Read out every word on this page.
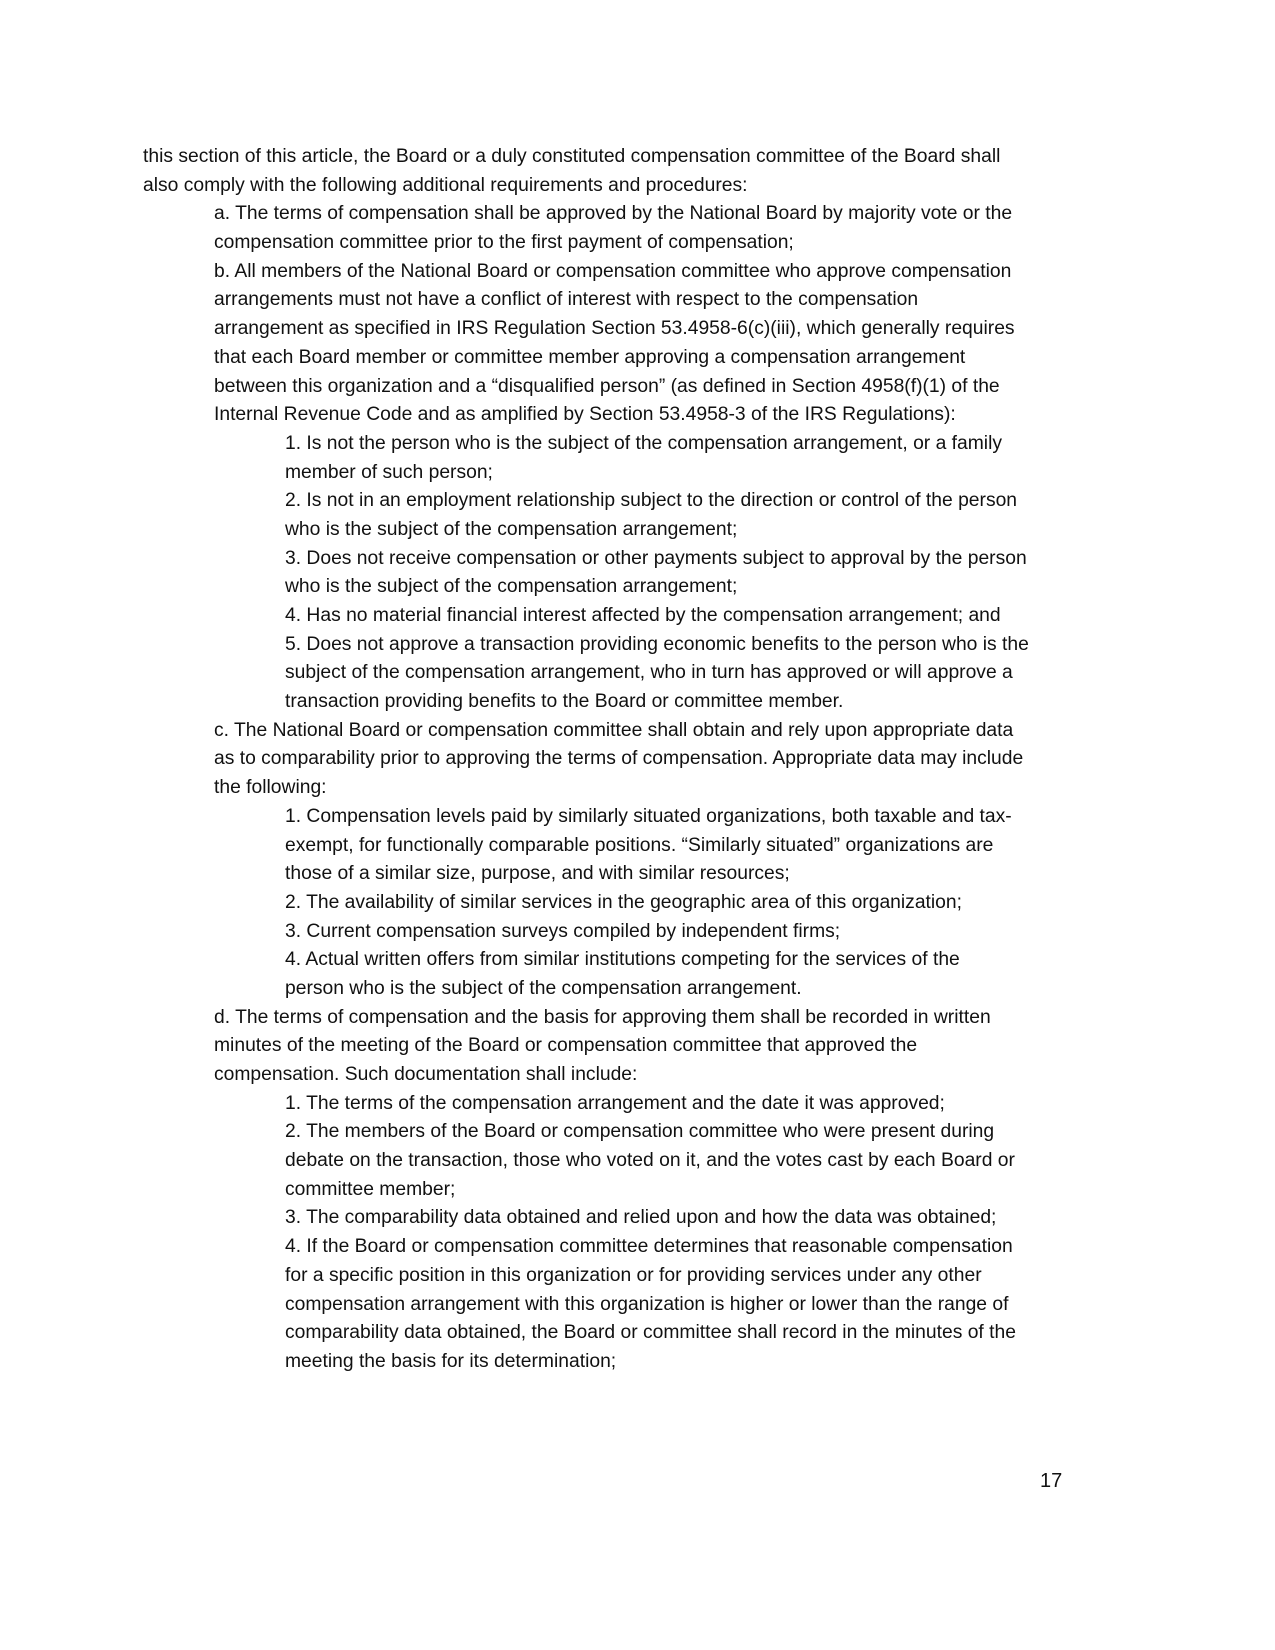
this section of this article, the Board or a duly constituted compensation committee of the Board shall
also comply with the following additional requirements and procedures:
a. The terms of compensation shall be approved by the National Board by majority vote or the
compensation committee prior to the first payment of compensation;
b. All members of the National Board or compensation committee who approve compensation
arrangements must not have a conflict of interest with respect to the compensation
arrangement as specified in IRS Regulation Section 53.4958-6(c)(iii), which generally requires
that each Board member or committee member approving a compensation arrangement
between this organization and a “disqualified person” (as defined in Section 4958(f)(1) of the
Internal Revenue Code and as amplified by Section 53.4958-3 of the IRS Regulations):
1. Is not the person who is the subject of the compensation arrangement, or a family
member of such person;
2. Is not in an employment relationship subject to the direction or control of the person
who is the subject of the compensation arrangement;
3. Does not receive compensation or other payments subject to approval by the person
who is the subject of the compensation arrangement;
4. Has no material financial interest affected by the compensation arrangement; and
5. Does not approve a transaction providing economic benefits to the person who is the
subject of the compensation arrangement, who in turn has approved or will approve a
transaction providing benefits to the Board or committee member.
c. The National Board or compensation committee shall obtain and rely upon appropriate data
as to comparability prior to approving the terms of compensation. Appropriate data may include
the following:
1. Compensation levels paid by similarly situated organizations, both taxable and tax-
exempt, for functionally comparable positions. “Similarly situated” organizations are
those of a similar size, purpose, and with similar resources;
2. The availability of similar services in the geographic area of this organization;
3. Current compensation surveys compiled by independent firms;
4. Actual written offers from similar institutions competing for the services of the
person who is the subject of the compensation arrangement.
d. The terms of compensation and the basis for approving them shall be recorded in written
minutes of the meeting of the Board or compensation committee that approved the
compensation. Such documentation shall include:
1. The terms of the compensation arrangement and the date it was approved;
2. The members of the Board or compensation committee who were present during
debate on the transaction, those who voted on it, and the votes cast by each Board or
committee member;
3. The comparability data obtained and relied upon and how the data was obtained;
4. If the Board or compensation committee determines that reasonable compensation
for a specific position in this organization or for providing services under any other
compensation arrangement with this organization is higher or lower than the range of
comparability data obtained, the Board or committee shall record in the minutes of the
meeting the basis for its determination;
17
